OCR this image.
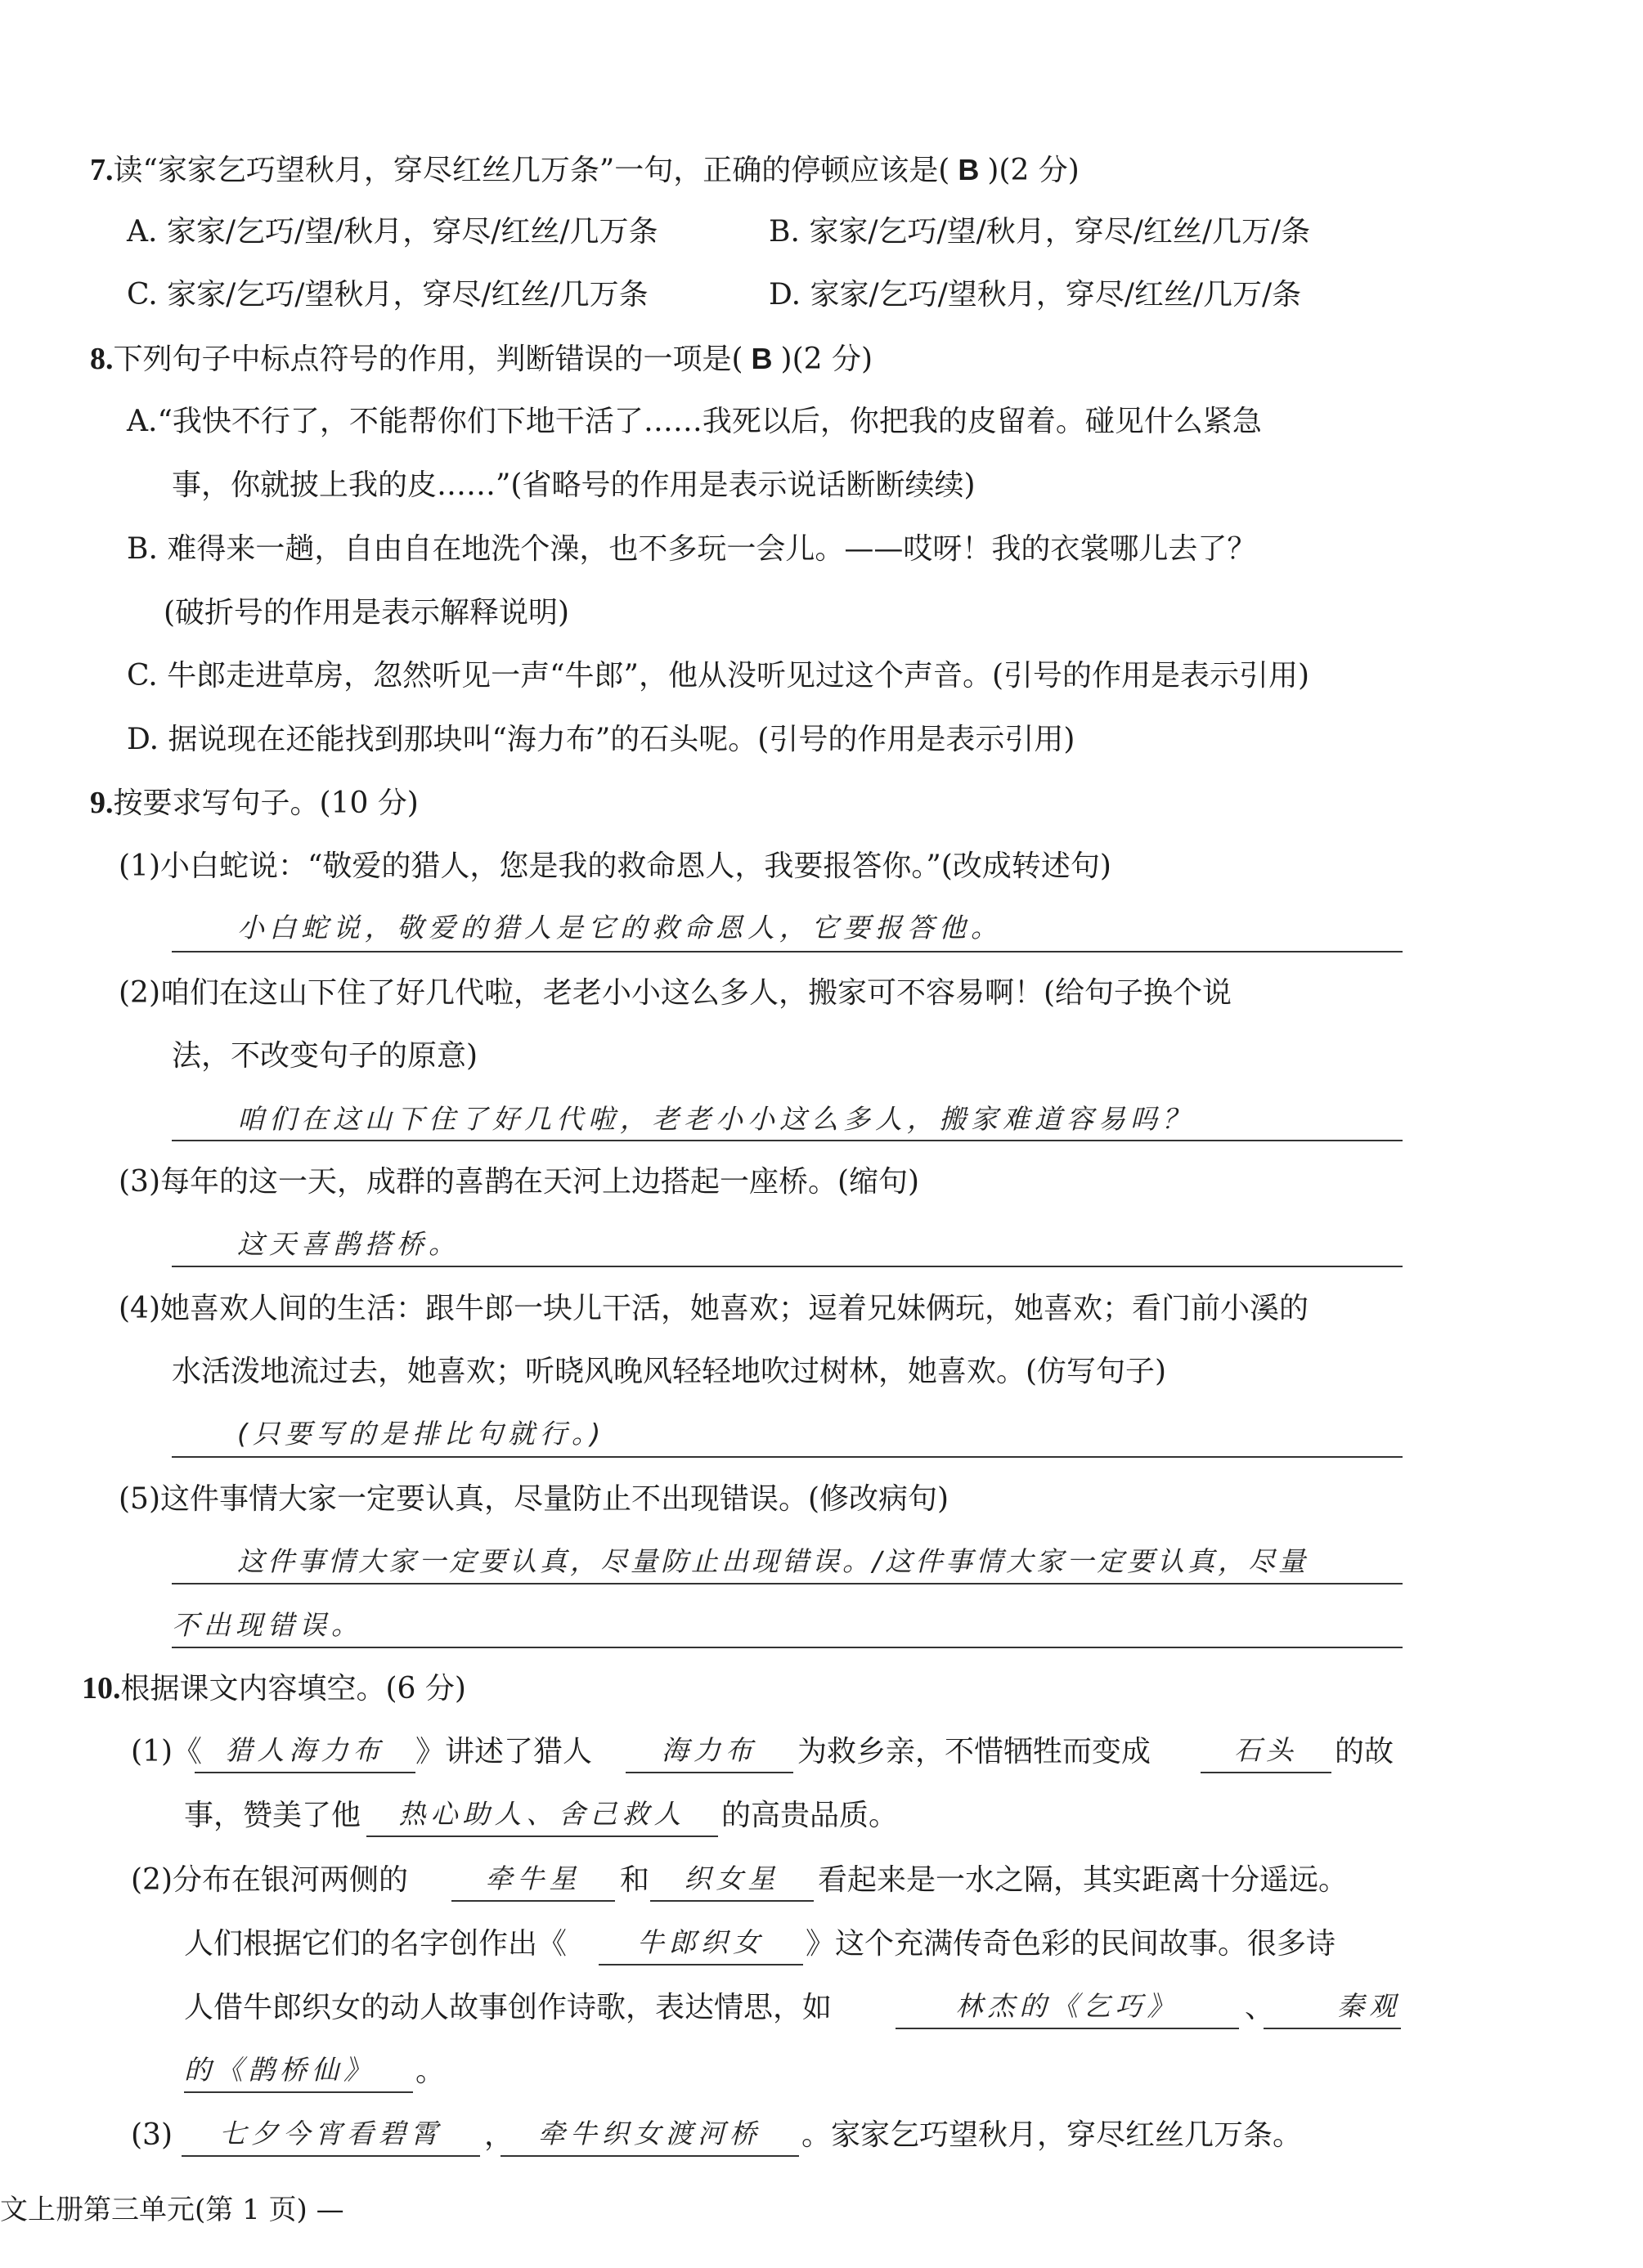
7.读“家家乞巧望秋月，穿尽红丝几万条”一句，正确的停顿应该是( B )(2 分)
A. 家家/乞巧/望/秋月，穿尽/红丝/几万条	B. 家家/乞巧/望/秋月，穿尽/红丝/几万/条
C. 家家/乞巧/望秋月，穿尽/红丝/几万条	D. 家家/乞巧/望秋月，穿尽/红丝/几万/条
8.下列句子中标点符号的作用，判断错误的一项是( B )(2 分)
A.“我快不行了，不能帮你们下地干活了……我死以后，你把我的皮留着。碰见什么紧急
事，你就披上我的皮……”(省略号的作用是表示说话断断续续)
B. 难得来一趟，自由自在地洗个澡，也不多玩一会儿。——哎呀！我的衣裳哪儿去了？
(破折号的作用是表示解释说明)
C. 牛郎走进草房，忽然听见一声“牛郎”，他从没听见过这个声音。(引号的作用是表示引用)
D. 据说现在还能找到那块叫“海力布”的石头呢。(引号的作用是表示引用)
9.按要求写句子。(10 分)
(1)小白蛇说：“敬爱的猎人，您是我的救命恩人，我要报答你。”(改成转述句)
小白蛇说，敬爱的猎人是它的救命恩人，它要报答他。
(2)咱们在这山下住了好几代啦，老老小小这么多人，搬家可不容易啊！(给句子换个说
法，不改变句子的原意)
咱们在这山下住了好几代啦，老老小小这么多人，搬家难道容易吗？
(3)每年的这一天，成群的喜鹊在天河上边搭起一座桥。(缩句)
这天喜鹊搭桥。
(4)她喜欢人间的生活：跟牛郎一块儿干活，她喜欢；逗着兄妹俩玩，她喜欢；看门前小溪的
水活泼地流过去，她喜欢；听晓风晚风轻轻地吹过树林，她喜欢。(仿写句子)
(只要写的是排比句就行。)
(5)这件事情大家一定要认真，尽量防止不出现错误。(修改病句)
这件事情大家一定要认真，尽量防止出现错误。/这件事情大家一定要认真，尽量
不出现错误。
10.根据课文内容填空。(6 分)
(1)《 猎人海力布	》讲述了猎人	海力布	为救乡亲，不惜牺牲而变成	石头	的故
事，赞美了他	热心助人、舍己救人	的高贵品质。
(2)分布在银河两侧的	牵牛星	和	织女星	看起来是一水之隔，其实距离十分遥远。
人们根据它们的名字创作出《	牛郎织女	》这个充满传奇色彩的民间故事。很多诗
人借牛郎织女的动人故事创作诗歌，表达情思，如	林杰的《乞巧》	、	秦观
的《鹊桥仙》	。
(3)	七夕今宵看碧霄	， 牵牛织女渡河桥	。家家乞巧望秋月，穿尽红丝几万条。
文上册第三单元(第 1 页) —
